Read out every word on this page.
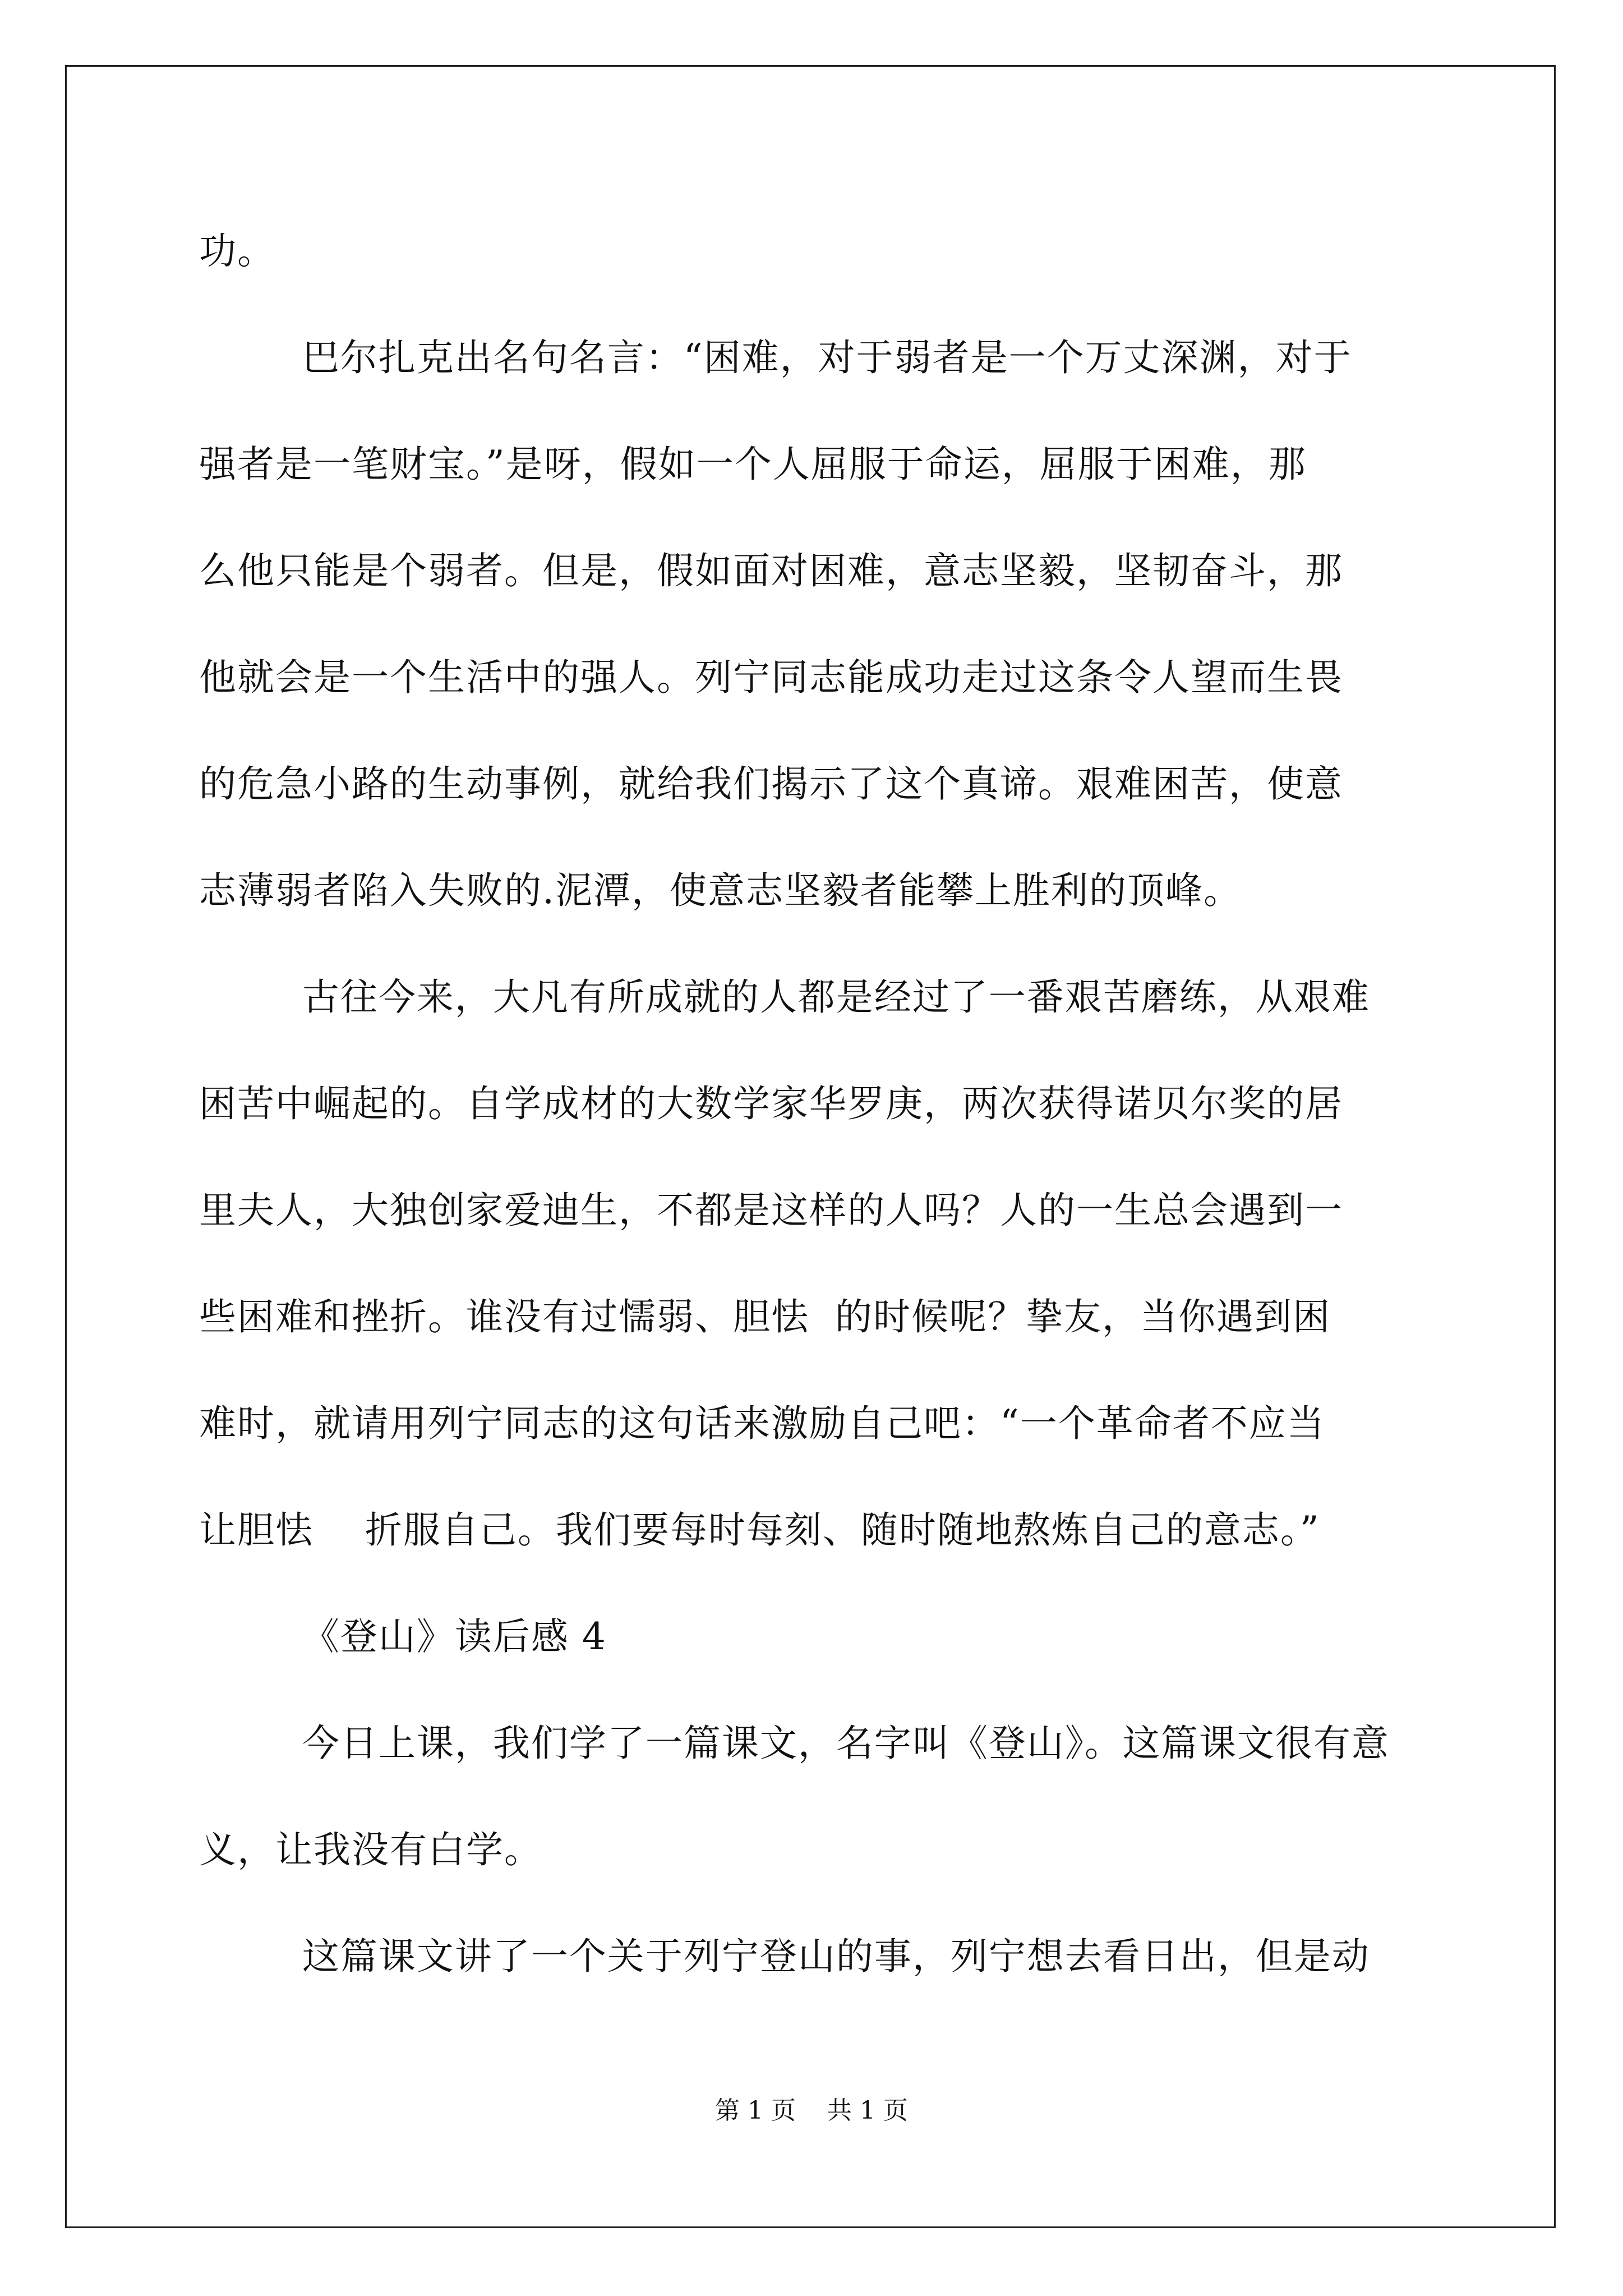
功。
巴尔扎克出名句名言：“困难，对于弱者是一个万丈深渊，对于
强者是一笔财宝。”是呀，假如一个人屈服于命运，屈服于困难，那
么他只能是个弱者。但是，假如面对困难，意志坚毅，坚韧奋斗，那
他就会是一个生活中的强人。列宁同志能成功走过这条令人望而生畏
的危急小路的生动事例，就给我们揭示了这个真谛。艰难困苦，使意
志薄弱者陷入失败的.泥潭，使意志坚毅者能攀上胜利的顶峰。
古往今来，大凡有所成就的人都是经过了一番艰苦磨练，从艰难
困苦中崛起的。自学成材的大数学家华罗庚，两次获得诺贝尔奖的居
里夫人，大独创家爱迪生，不都是这样的人吗？人的一生总会遇到一
些困难和挫折。谁没有过懦弱、胆怯  的时候呢？挚友，当你遇到困
难时，就请用列宁同志的这句话来激励自己吧：“一个革命者不应当
让胆怯    折服自己。我们要每时每刻、随时随地熬炼自己的意志。”
《登山》读后感 4
今日上课，我们学了一篇课文，名字叫《登山》。这篇课文很有意
义，让我没有白学。
这篇课文讲了一个关于列宁登山的事，列宁想去看日出，但是动
第 1 页    共 1 页
